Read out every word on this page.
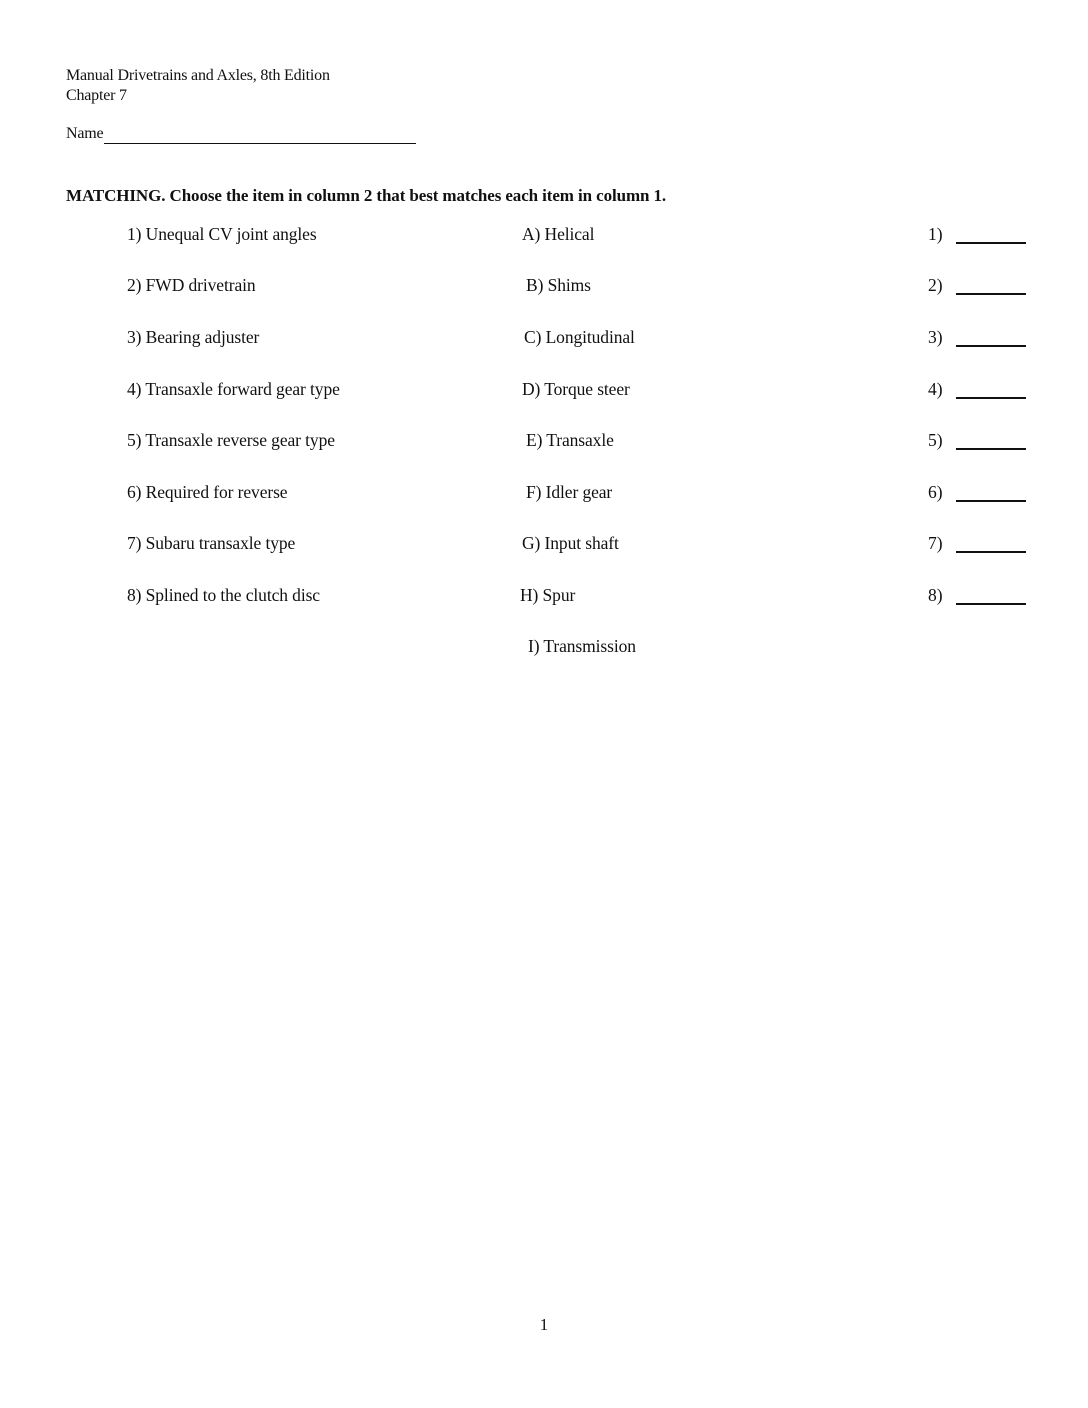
Manual Drivetrains and Axles, 8th Edition
Chapter 7
Name
MATCHING. Choose the item in column 2 that best matches each item in column 1.
1) Unequal CV joint angles	A) Helical	1)
2) FWD drivetrain	B) Shims	2)
3) Bearing adjuster	C) Longitudinal	3)
4) Transaxle forward gear type	D) Torque steer	4)
5) Transaxle reverse gear type	E) Transaxle	5)
6) Required for reverse	F) Idler gear	6)
7) Subaru transaxle type	G) Input shaft	7)
8) Splined to the clutch disc	H) Spur	8)
I) Transmission
1
